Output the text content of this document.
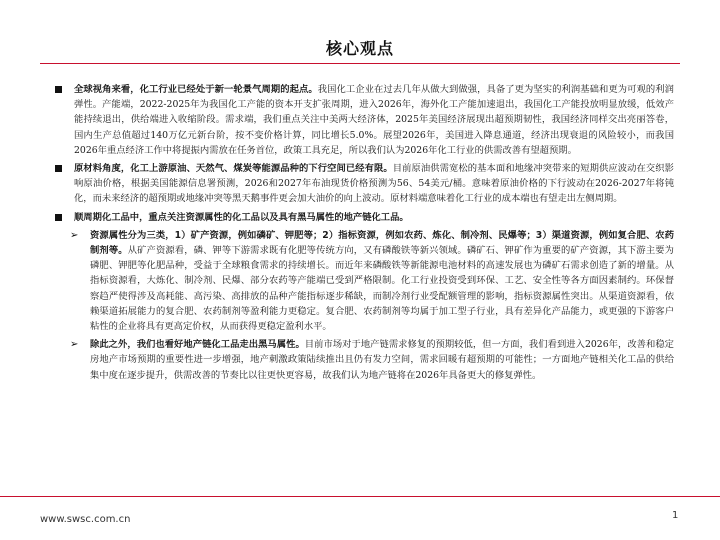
核心观点
全球视角来看，化工行业已经处于新一轮景气周期的起点。我国化工企业在过去几年从做大到做强，具备了更为坚实的利润基础和更为可观的利润弹性。产能端，2022-2025年为我国化工产能的资本开支扩张周期，进入2026年，海外化工产能加速退出，我国化工产能投放明显放缓，低效产能持续退出，供给端进入收缩阶段。需求端，我们重点关注中美两大经济体，2025年美国经济展现出超预期韧性，我国经济同样交出亮丽答卷，国内生产总值超过140万亿元新台阶，按不变价格计算，同比增长5.0%。展望2026年，美国进入降息通道，经济出现衰退的风险较小，而我国2026年重点经济工作中将提振内需放在任务首位，政策工具充足，所以我们认为2026年化工行业的供需改善有望超预期。
原材料角度，化工上游原油、天然气、煤炭等能源品种的下行空间已经有限。目前原油供需宽松的基本面和地缘冲突带来的短期供应波动在交织影响原油价格，根据美国能源信息署预测，2026和2027年布油现货价格预测为56、54美元/桶。意味着原油价格的下行波动在2026-2027年将钝化，而未来经济的超预期或地缘冲突等黑天鹅事件更会加大油价的向上波动。原材料端意味着化工行业的成本端也有望走出左侧周期。
顺周期化工品中，重点关注资源属性的化工品以及具有黑马属性的地产链化工品。
➢ 资源属性分为三类，1）矿产资源，例如磷矿、钾肥等；2）指标资源，例如农药、炼化、制冷剂、民爆等；3）渠道资源，例如复合肥、农药制剂等。从矿产资源看，磷、钾等下游需求既有化肥等传统方向，又有磷酸铁等新兴领域。磷矿石、钾矿作为重要的矿产资源，其下游主要为磷肥、钾肥等化肥品种，受益于全球粮食需求的持续增长。而近年来磷酸铁等新能源电池材料的高速发展也为磷矿石需求创造了新的增量。从指标资源看，大炼化、制冷剂、民爆、部分农药等产能端已受到严格限制。化工行业投资受到环保、工艺、安全性等各方面因素制约。环保督察趋严使得涉及高耗能、高污染、高排放的品种产能指标逐步稀缺，而制冷剂行业受配额管理的影响，指标资源属性突出。从渠道资源看，依赖渠道拓展能力的复合肥、农药制剂等盈利能力更稳定。复合肥、农药制剂等均属于加工型子行业，具有差异化产品能力，或更强的下游客户粘性的企业将具有更高定价权，从而获得更稳定盈利水平。
➢ 除此之外，我们也看好地产链化工品走出黑马属性。目前市场对于地产链需求修复的预期较低，但一方面，我们看到进入2026年，改善和稳定房地产市场预期的重要性进一步增强，地产刺激政策陆续推出且仍有发力空间，需求回暖有超预期的可能性；一方面地产链相关化工品的供给集中度在逐步提升，供需改善的节奏比以往更快更容易，故我们认为地产链将在2026年具备更大的修复弹性。
www.swsc.com.cn	1
